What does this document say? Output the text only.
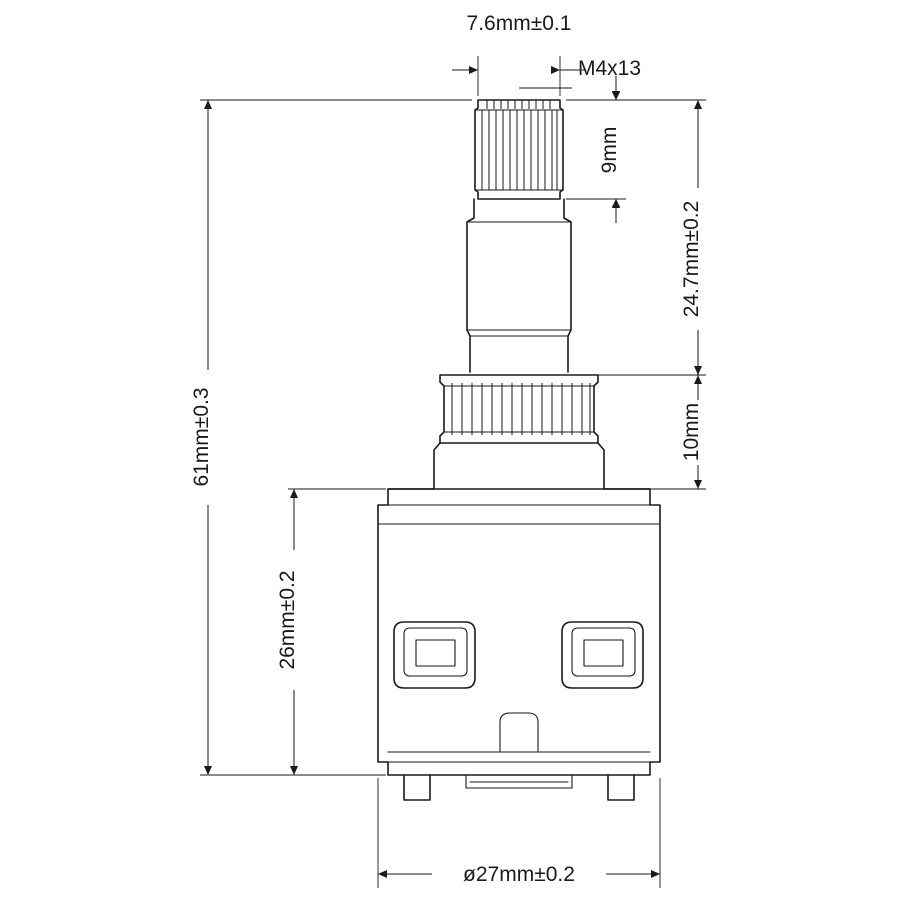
7.6mm±0.1
M4x13
9mm
24.7mm±0.2
10mm
61mm±0.3
26mm±0.2
ø27mm±0.2
